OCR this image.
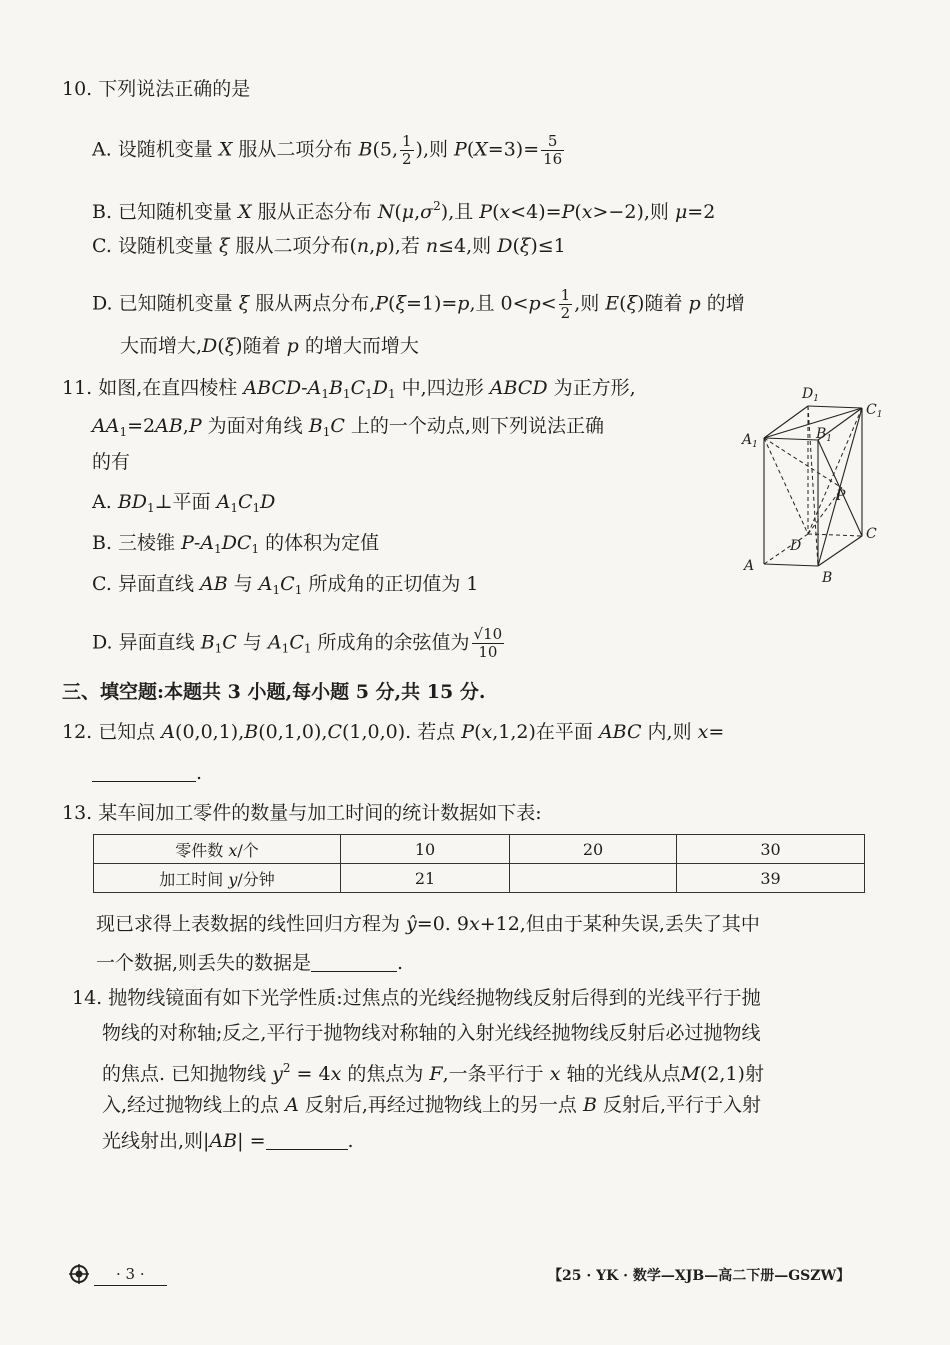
10. 下列说法正确的是
A. 设随机变量 X 服从二项分布 B(5, $\frac{1}{2}$ ),则 $P(X=3)= \frac{5}{16}$
B. 已知随机变量 X 服从正态分布 $N(\mu,\sigma^2)$,且 P(x<4)=P(x>−2),则 μ=2
C. 设随机变量 ξ 服从二项分布(n,p),若 n≤4,则 D(ξ)≤1
D. 已知随机变量 ξ 服从两点分布,P(ξ=1)=p,且 $0<p< \frac{1}{2}$ ,则 E(ξ)随着 p 的增
大而增大,D(ξ)随着 p 的增大而增大
11. 如图,在直四棱柱 ABCD-$A_1B_1C_1D_1$ 中,四边形 ABCD 为正方形,
$AA_1=2AB,P$ 为面对角线 $B_1C$ 上的一个动点,则下列说法正确
的有
A. $BD_1\perp$平面 $A_1C_1D$
B. 三棱锥 $P-A_1DC_1$ 的体积为定值
C. 异面直线 AB 与 $A_1C_1$ 所成角的正切值为 1
D. 异面直线 $B_1C$ 与 $A_1C_1$ 所成角的余弦值为 $\frac{√10}{10}$
$D_1$
$C_1$
$A_1$
$B_1$
P
C
D
A
B
三、填空题:本题共 3 小题,每小题 5 分,共 15 分.
12. 已知点 A(0,0,1),B(0,1,0),C(1,0,0). 若点 P(x,1,2)在平面 ABC 内,则 x=
.
13. 某车间加工零件的数量与加工时间的统计数据如下表:
零件数 x/个	10	20	30
加工时间 y/分钟	21		39
现已求得上表数据的线性回归方程为 ŷ=0. 9x+12,但由于某种失误,丢失了其中
一个数据,则丢失的数据是	.
14. 抛物线镜面有如下光学性质:过焦点的光线经抛物线反射后得到的光线平行于抛
物线的对称轴;反之,平行于抛物线对称轴的入射光线经抛物线反射后必过抛物线
的焦点. 已知抛物线 $y^2 = 4x$ 的焦点为 F,一条平行于 x 轴的光线从点M(2,1)射
入,经过抛物线上的点 A 反射后,再经过抛物线上的另一点 B 反射后,平行于入射
光线射出,则|AB| =	.
· 3 ·	【25 · YK · 数学—XJB—高二下册—GSZW】
